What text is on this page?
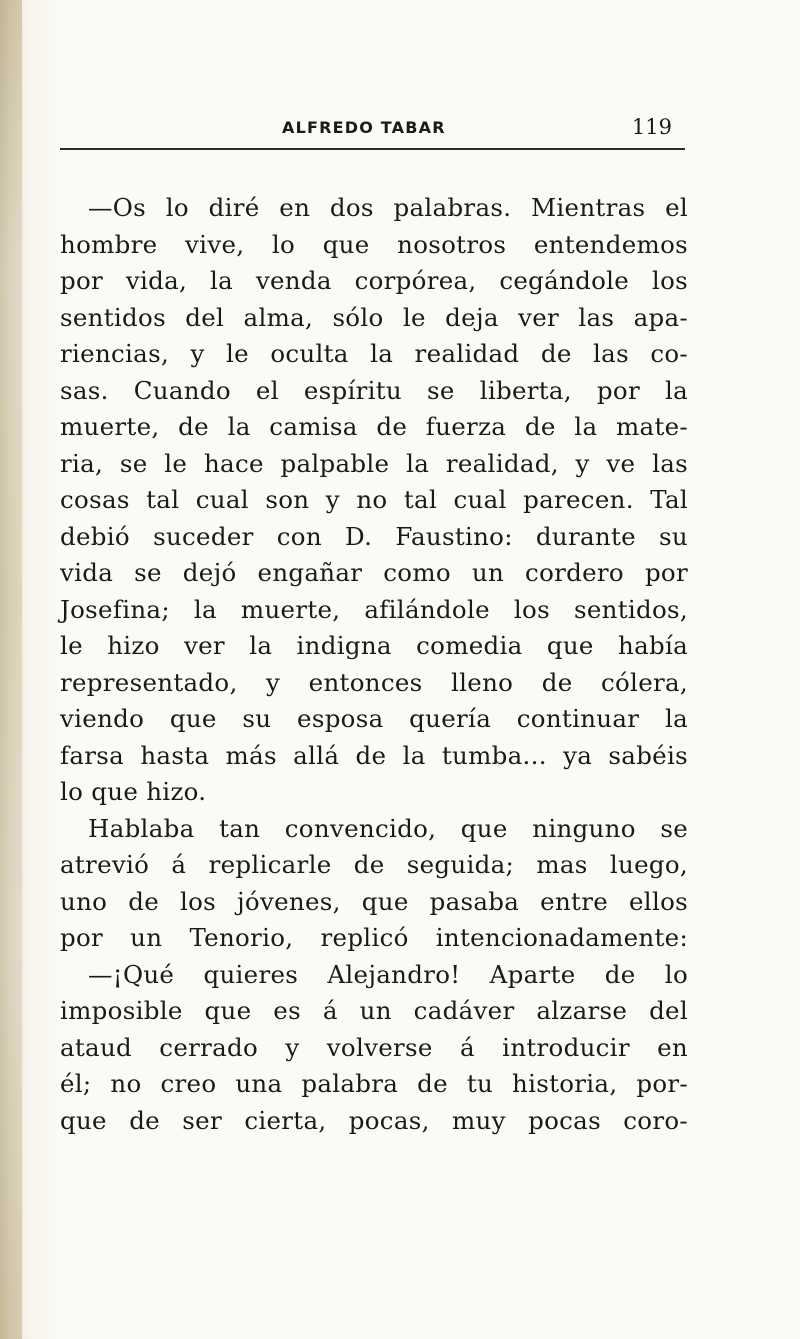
ALFREDO TABAR	119
—Os lo diré en dos palabras. Mientras el
hombre vive, lo que nosotros entendemos
por vida, la venda corpórea, cegándole los
sentidos del alma, sólo le deja ver las apa-
riencias, y le oculta la realidad de las co-
sas. Cuando el espíritu se liberta, por la
muerte, de la camisa de fuerza de la mate-
ria, se le hace palpable la realidad, y ve las
cosas tal cual son y no tal cual parecen. Tal
debió suceder con D. Faustino: durante su
vida se dejó engañar como un cordero por
Josefina; la muerte, afilándole los sentidos,
le hizo ver la indigna comedia que había
representado, y entonces lleno de cólera,
viendo que su esposa quería continuar la
farsa hasta más allá de la tumba... ya sabéis
lo que hizo.
Hablaba tan convencido, que ninguno se
atrevió á replicarle de seguida; mas luego,
uno de los jóvenes, que pasaba entre ellos
por un Tenorio, replicó intencionadamente:
—¡Qué quieres Alejandro! Aparte de lo
imposible que es á un cadáver alzarse del
ataud cerrado y volverse á introducir en
él; no creo una palabra de tu historia, por-
que de ser cierta, pocas, muy pocas coro-
